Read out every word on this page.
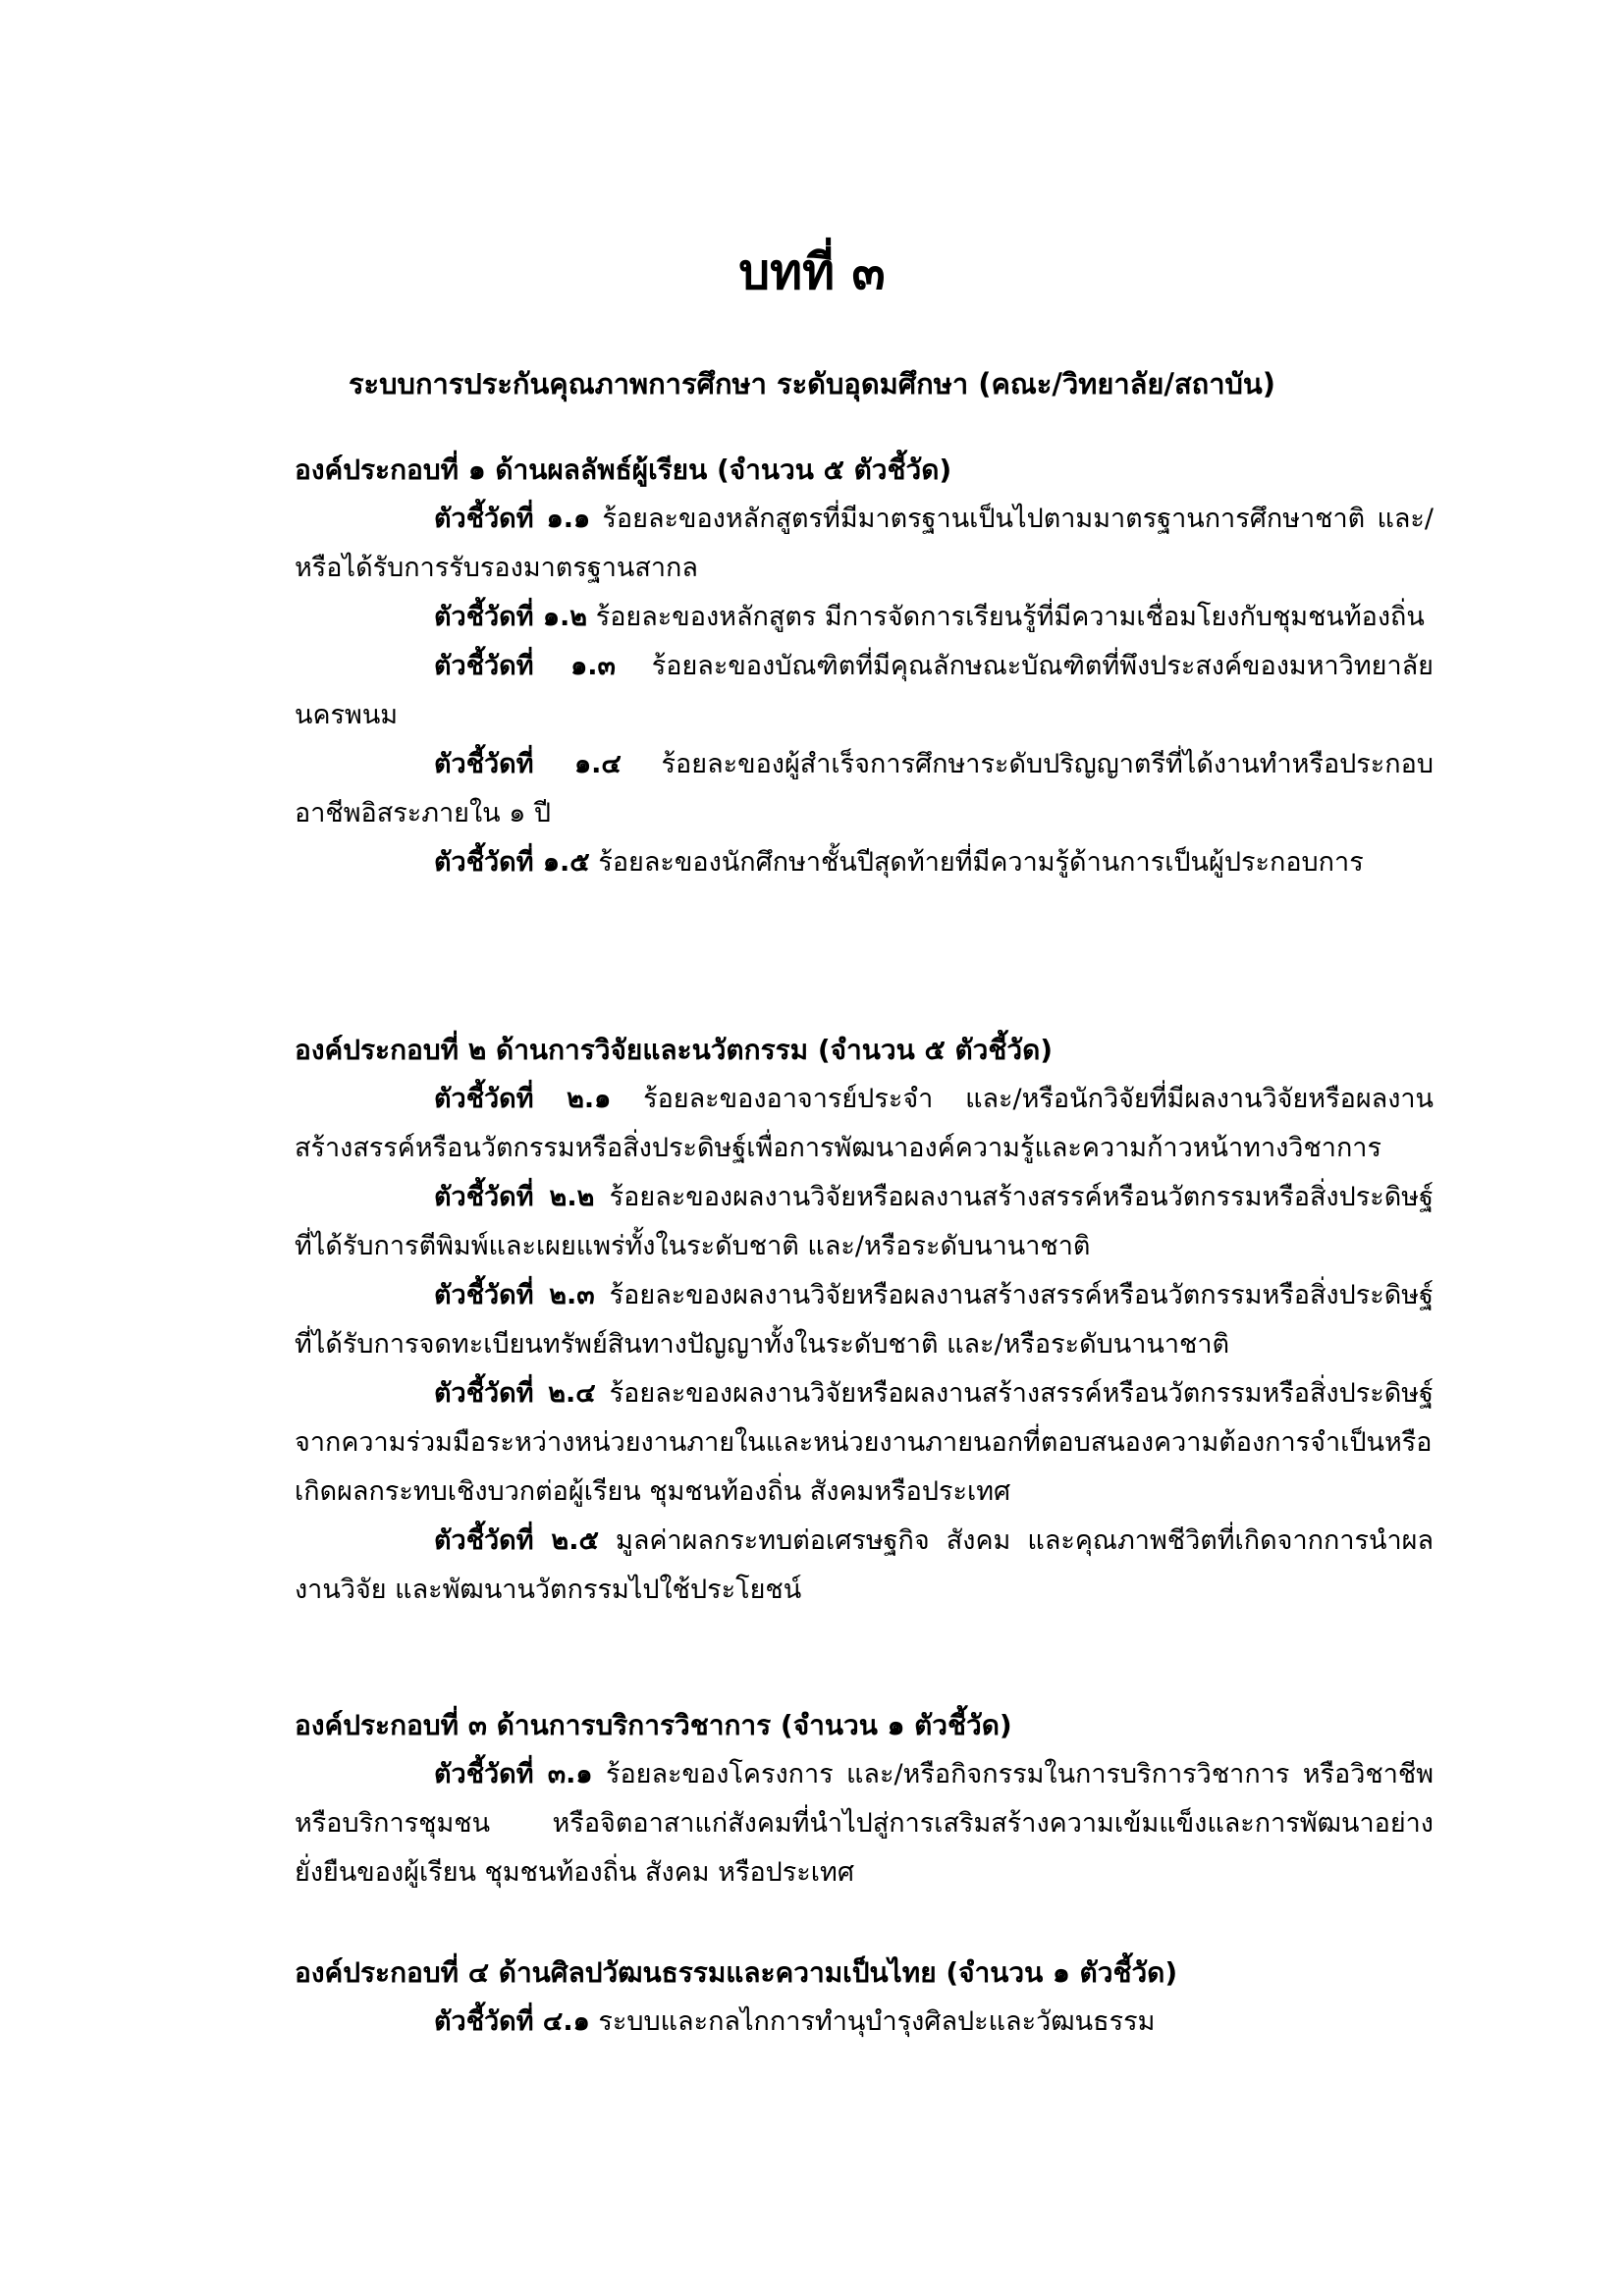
บทที่ ๓
ระบบการประกันคุณภาพการศึกษา ระดับอุดมศึกษา (คณะ/วิทยาลัย/สถาบัน)
องค์ประกอบที่ ๑ ด้านผลลัพธ์ผู้เรียน (จำนวน ๕ ตัวชี้วัด)

ตัวชี้วัดที่ ๑.๑ ร้อยละของหลักสูตรที่มีมาตรฐานเป็นไปตามมาตรฐานการศึกษาชาติ และ/หรือได้รับการรับรองมาตรฐานสากล

ตัวชี้วัดที่ ๑.๒ ร้อยละของหลักสูตร มีการจัดการเรียนรู้ที่มีความเชื่อมโยงกับชุมชนท้องถิ่น

ตัวชี้วัดที่ ๑.๓ ร้อยละของบัณฑิตที่มีคุณลักษณะบัณฑิตที่พึงประสงค์ของมหาวิทยาลัยนครพนม

ตัวชี้วัดที่ ๑.๔ ร้อยละของผู้สำเร็จการศึกษาระดับปริญญาตรีที่ได้งานทำหรือประกอบอาชีพอิสระภายใน ๑ ปี

ตัวชี้วัดที่ ๑.๕ ร้อยละของนักศึกษาชั้นปีสุดท้ายที่มีความรู้ด้านการเป็นผู้ประกอบการ

องค์ประกอบที่ ๒ ด้านการวิจัยและนวัตกรรม (จำนวน ๕ ตัวชี้วัด)

ตัวชี้วัดที่ ๒.๑ ร้อยละของอาจารย์ประจำ และ/หรือนักวิจัยที่มีผลงานวิจัยหรือผลงานสร้างสรรค์หรือนวัตกรรมหรือสิ่งประดิษฐ์เพื่อการพัฒนาองค์ความรู้และความก้าวหน้าทางวิชาการ

ตัวชี้วัดที่ ๒.๒ ร้อยละของผลงานวิจัยหรือผลงานสร้างสรรค์หรือนวัตกรรมหรือสิ่งประดิษฐ์ที่ได้รับการตีพิมพ์และเผยแพร่ทั้งในระดับชาติ และ/หรือระดับนานาชาติ

ตัวชี้วัดที่ ๒.๓ ร้อยละของผลงานวิจัยหรือผลงานสร้างสรรค์หรือนวัตกรรมหรือสิ่งประดิษฐ์ที่ได้รับการจดทะเบียนทรัพย์สินทางปัญญาทั้งในระดับชาติ และ/หรือระดับนานาชาติ

ตัวชี้วัดที่ ๒.๔ ร้อยละของผลงานวิจัยหรือผลงานสร้างสรรค์หรือนวัตกรรมหรือสิ่งประดิษฐ์จากความร่วมมือระหว่างหน่วยงานภายในและหน่วยงานภายนอกที่ตอบสนองความต้องการจำเป็นหรือเกิดผลกระทบเชิงบวกต่อผู้เรียน ชุมชนท้องถิ่น สังคมหรือประเทศ

ตัวชี้วัดที่ ๒.๕ มูลค่าผลกระทบต่อเศรษฐกิจ สังคม และคุณภาพชีวิตที่เกิดจากการนำผลงานวิจัย และพัฒนานวัตกรรมไปใช้ประโยชน์

องค์ประกอบที่ ๓ ด้านการบริการวิชาการ (จำนวน ๑ ตัวชี้วัด)

ตัวชี้วัดที่ ๓.๑ ร้อยละของโครงการ และ/หรือกิจกรรมในการบริการวิชาการ หรือวิชาชีพหรือบริการชุมชน หรือจิตอาสาแก่สังคมที่นำไปสู่การเสริมสร้างความเข้มแข็งและการพัฒนาอย่างยั่งยืนของผู้เรียน ชุมชนท้องถิ่น สังคม หรือประเทศ

องค์ประกอบที่ ๔ ด้านศิลปวัฒนธรรมและความเป็นไทย (จำนวน ๑ ตัวชี้วัด)

ตัวชี้วัดที่ ๔.๑ ระบบและกลไกการทำนุบำรุงศิลปะและวัฒนธรรม
